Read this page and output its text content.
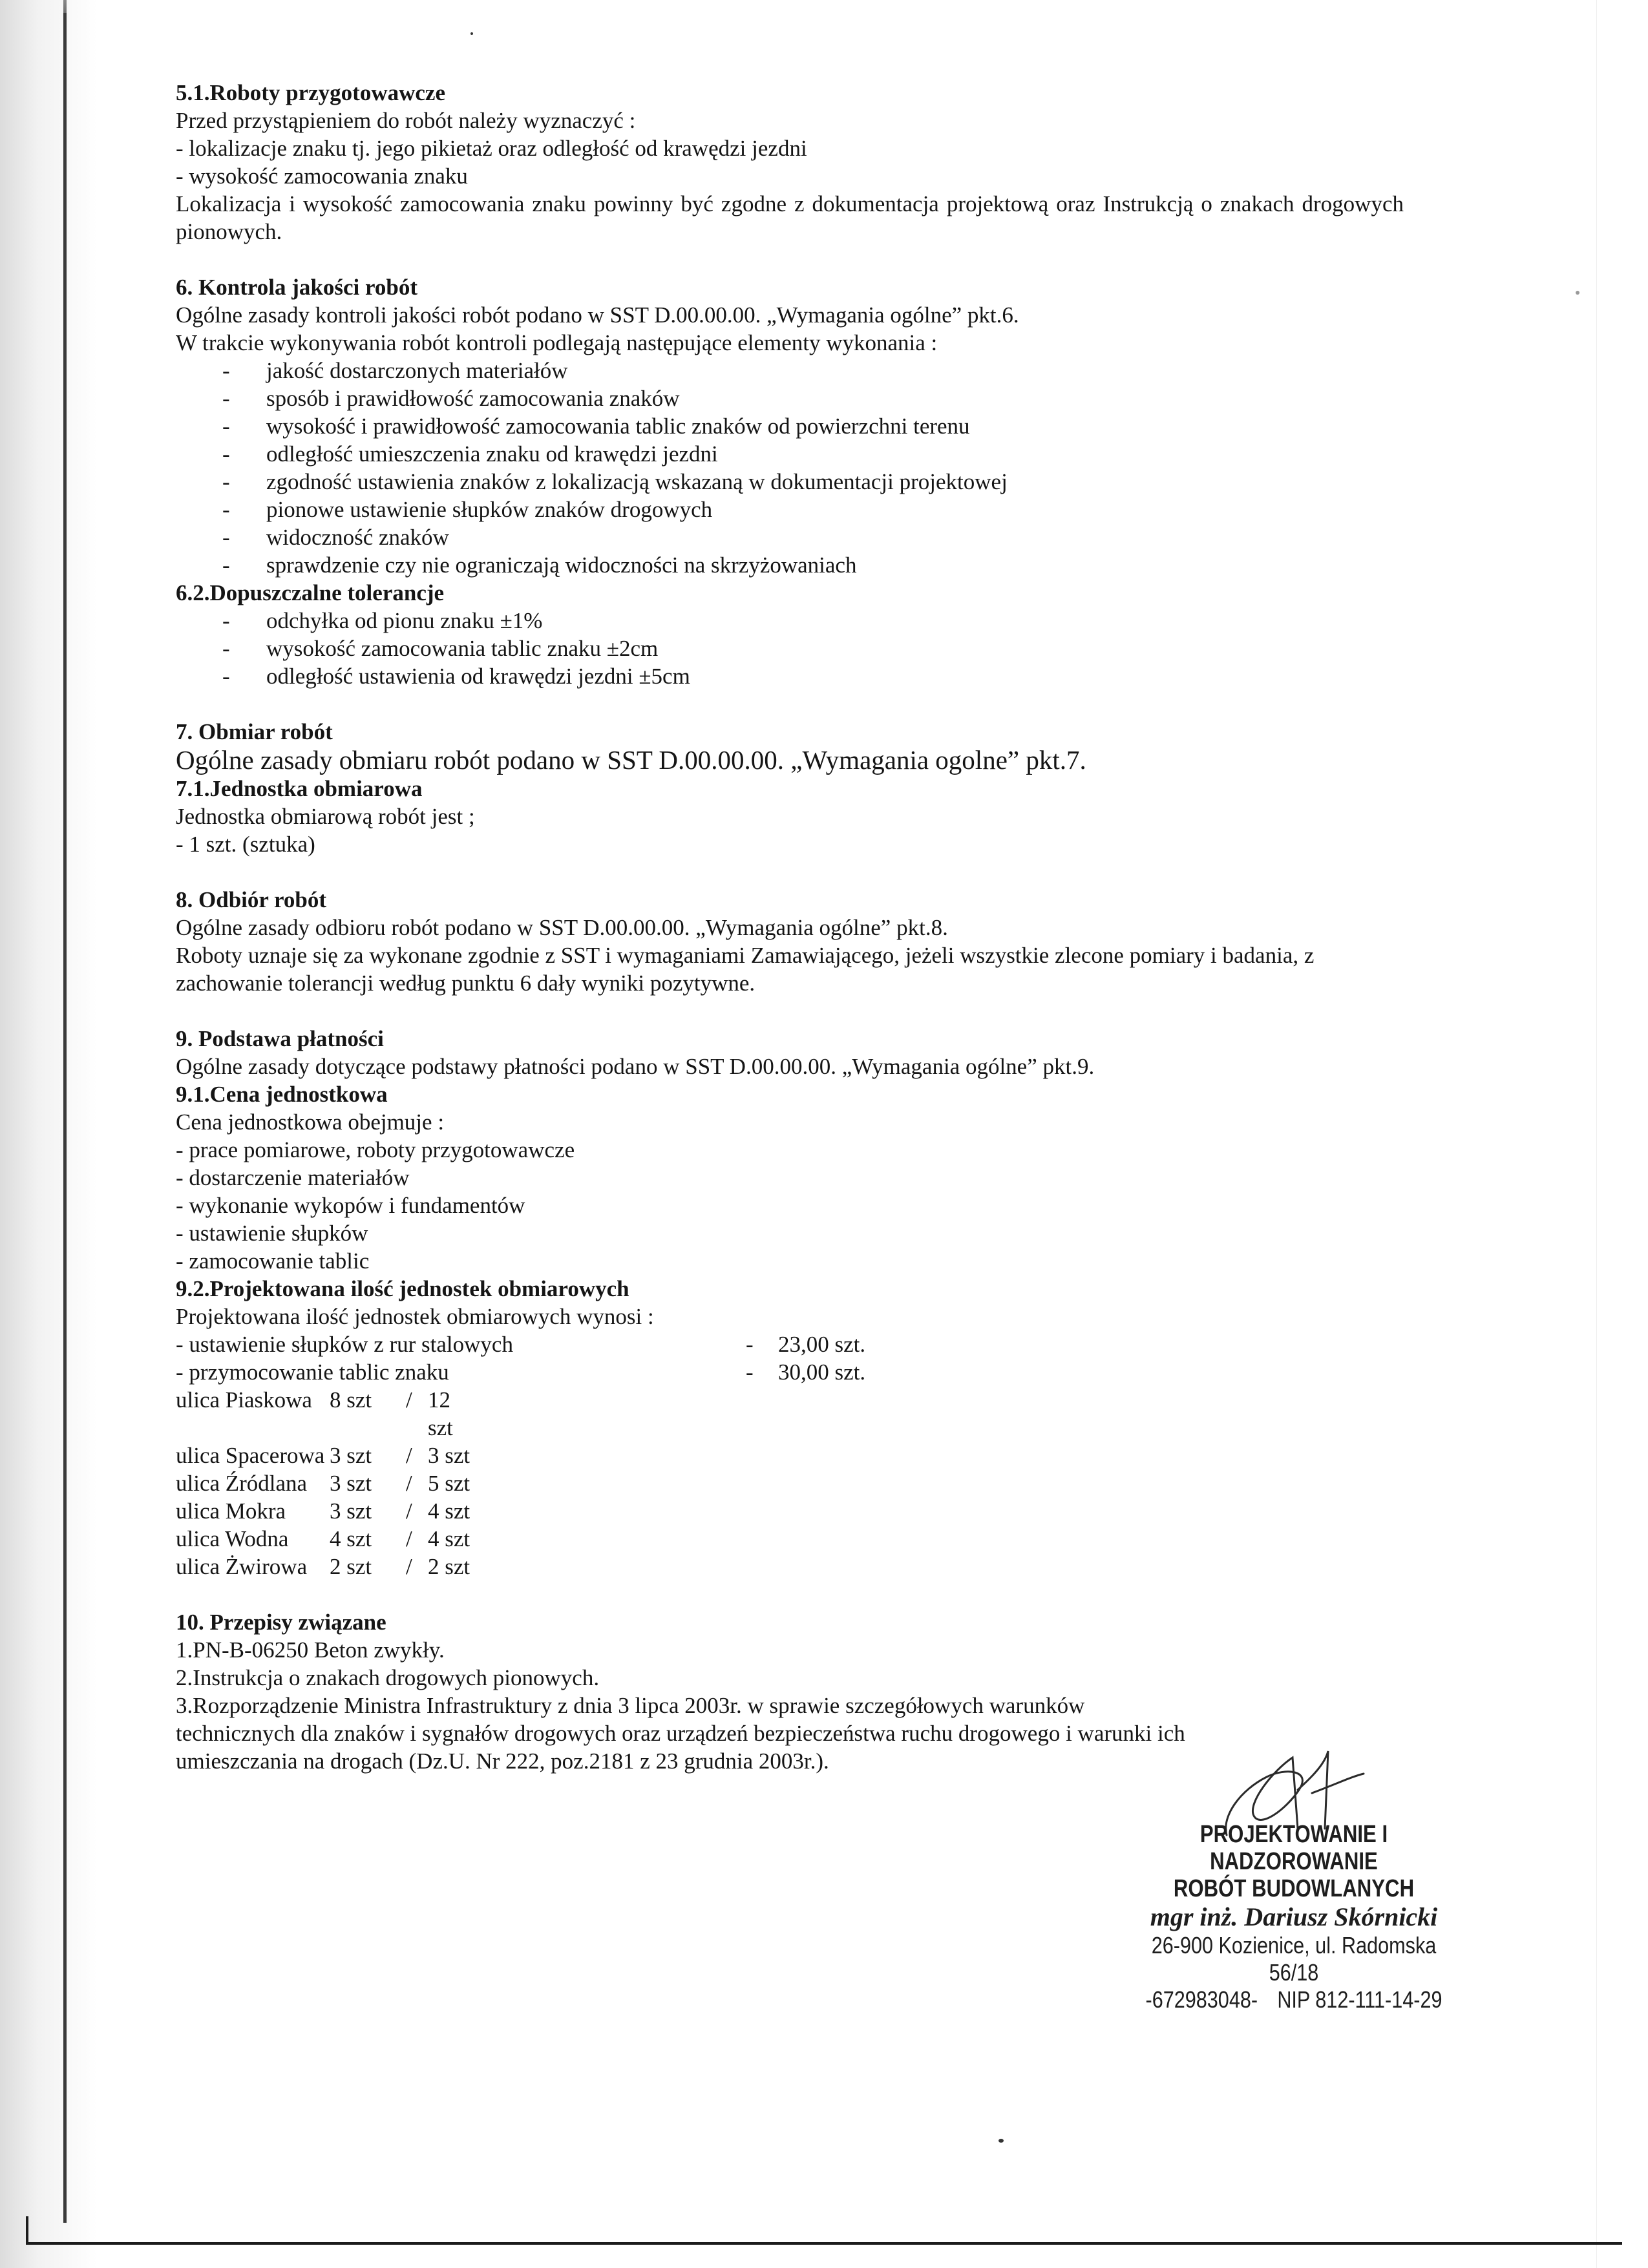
5.1.Roboty przygotowawcze

Przed przystąpieniem do robót należy wyznaczyć :

- lokalizacje znaku tj. jego pikietaż oraz odległość od krawędzi jezdni

- wysokość zamocowania znaku

Lokalizacja i wysokość zamocowania znaku powinny być zgodne z dokumentacja projektową oraz Instrukcją o znakach drogowych pionowych.

6. Kontrola jakości robót

Ogólne zasady kontroli jakości robót podano w SST D.00.00.00. „Wymagania ogólne” pkt.6.

W trakcie wykonywania robót kontroli podlegają następujące elementy wykonania :

-	jakość dostarczonych materiałów
-	sposób i prawidłowość zamocowania znaków
-	wysokość i prawidłowość zamocowania tablic znaków od powierzchni terenu
-	odległość umieszczenia znaku od krawędzi jezdni
-	zgodność ustawienia znaków z lokalizacją wskazaną w dokumentacji projektowej
-	pionowe ustawienie słupków znaków drogowych
-	widoczność znaków
-	sprawdzenie czy nie ograniczają widoczności na skrzyżowaniach

6.2.Dopuszczalne tolerancje

-	odchyłka od pionu znaku ±1%
-	wysokość zamocowania tablic znaku ±2cm
-	odległość ustawienia od krawędzi jezdni ±5cm

7. Obmiar robót

Ogólne zasady obmiaru robót podano w SST D.00.00.00. „Wymagania ogolne” pkt.7.

7.1.Jednostka obmiarowa

Jednostka obmiarową robót jest ;

- 1 szt. (sztuka)

8. Odbiór robót

Ogólne zasady odbioru robót podano w SST D.00.00.00. „Wymagania ogólne” pkt.8.

Roboty uznaje się za wykonane zgodnie z SST i wymaganiami Zamawiającego, jeżeli wszystkie zlecone pomiary i badania, z

zachowanie tolerancji według punktu 6 dały wyniki pozytywne.

9. Podstawa płatności

Ogólne zasady dotyczące podstawy płatności podano w SST D.00.00.00. „Wymagania ogólne” pkt.9.

9.1.Cena jednostkowa

Cena jednostkowa obejmuje :

- prace pomiarowe, roboty przygotowawcze

- dostarczenie materiałów

- wykonanie wykopów i fundamentów

- ustawienie słupków

- zamocowanie tablic

9.2.Projektowana ilość jednostek obmiarowych

Projektowana ilość jednostek obmiarowych wynosi :

- ustawienie słupków z rur stalowych	-	23,00 szt.
- przymocowanie tablic znaku	-	30,00 szt.
ulica Piaskowa 8 szt	/ 12 szt
ulica Spacerowa 3 szt	/ 3 szt
ulica Źródlana 3 szt	/ 5 szt
ulica Mokra	3 szt	/ 4 szt
ulica Wodna	4 szt	/ 4 szt
ulica Żwirowa 2 szt	/ 2 szt

10. Przepisy związane

1.PN-B-06250 Beton zwykły.

2.Instrukcja o znakach drogowych pionowych.

3.Rozporządzenie Ministra Infrastruktury z dnia 3 lipca 2003r. w sprawie szczegółowych warunków

technicznych dla znaków i sygnałów drogowych oraz urządzeń bezpieczeństwa ruchu drogowego i warunki ich

umieszczania na drogach (Dz.U. Nr 222, poz.2181 z 23 grudnia 2003r.).

PROJEKTOWANIE I NADZOROWANIE
ROBÓT BUDOWLANYCH
mgr inż. Dariusz Skórnicki
26-900 Kozienice, ul. Radomska 56/18
-672983048- NIP 812-111-14-29
